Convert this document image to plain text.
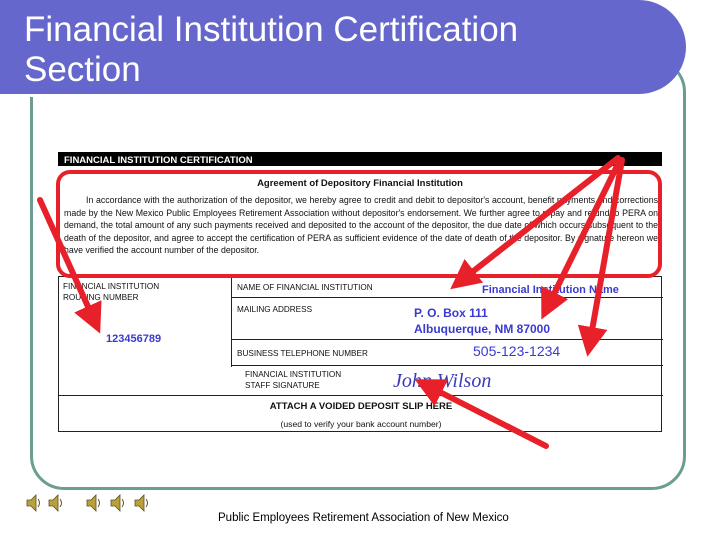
Financial Institution Certification Section
FINANCIAL INSTITUTION CERTIFICATION
Agreement of Depository Financial Institution
In accordance with the authorization of the depositor, we hereby agree to credit and debit to depositor's account, benefit payments and corrections made by the New Mexico Public Employees Retirement Association without depositor's endorsement. We further agree to repay and refund to PERA on demand, the total amount of any such payments received and deposited to the account of the depositor, the due date of which occurs subsequent to the death of the depositor, and agree to accept the certification of PERA as sufficient evidence of the date of death of the depositor. By signature hereon we have verified the account number of the depositor.
FINANCIAL INSTITUTION
ROUTING NUMBER
NAME OF FINANCIAL INSTITUTION
MAILING ADDRESS
BUSINESS TELEPHONE NUMBER
FINANCIAL INSTITUTION
STAFF SIGNATURE
ATTACH A VOIDED DEPOSIT SLIP HERE
(used to verify your bank account number)
123456789
Financial Institution Name
P. O. Box 111
Albuquerque, NM 87000
505-123-1234
John Wilson
Public Employees Retirement Association of New Mexico
